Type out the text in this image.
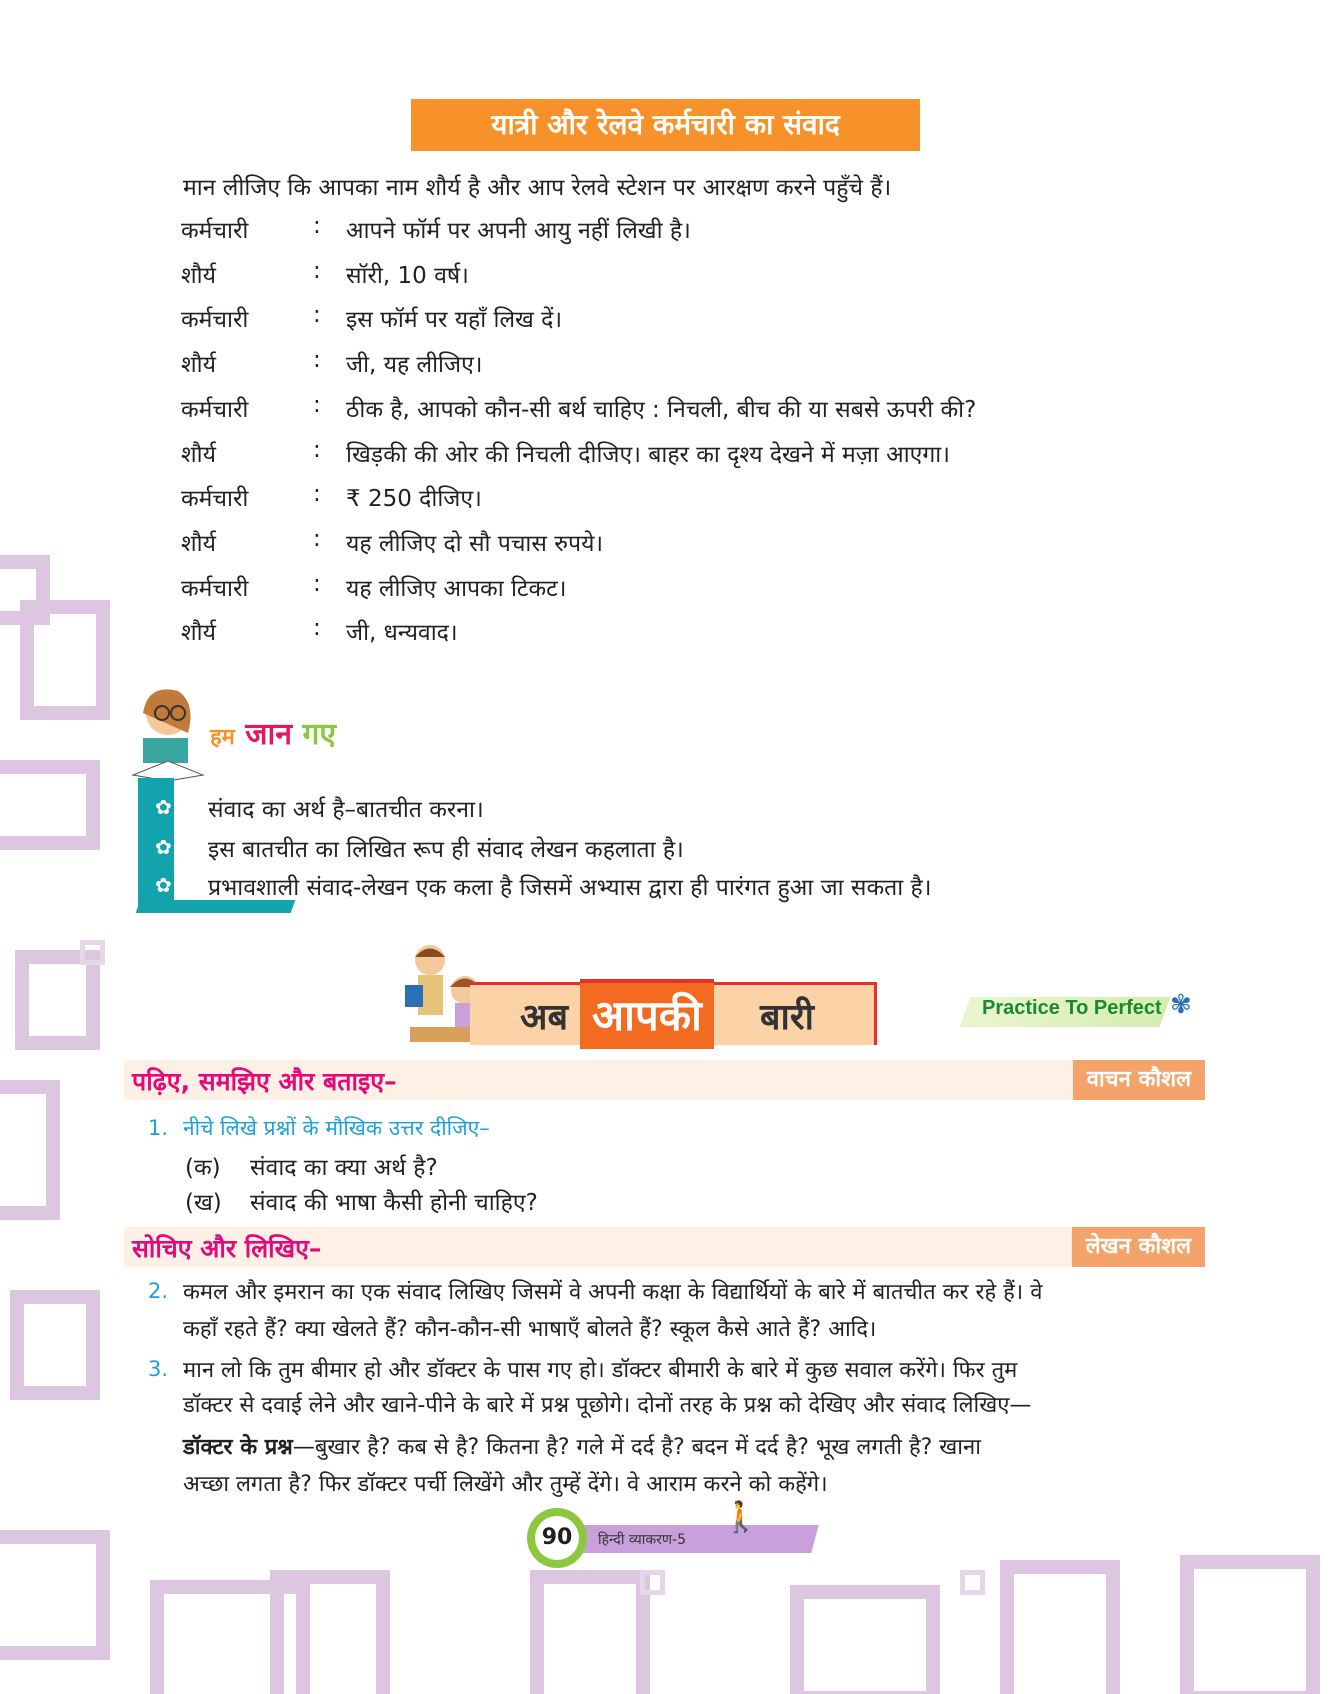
यात्री और रेलवे कर्मचारी का संवाद
मान लीजिए कि आपका नाम शौर्य है और आप रेलवे स्टेशन पर आरक्षण करने पहुँचे हैं।
कर्मचारी	: आपने फॉर्म पर अपनी आयु नहीं लिखी है।
शौर्य	: सॉरी, 10 वर्ष।
कर्मचारी	: इस फॉर्म पर यहाँ लिख दें।
शौर्य	: जी, यह लीजिए।
कर्मचारी	: ठीक है, आपको कौन-सी बर्थ चाहिए : निचली, बीच की या सबसे ऊपरी की?
शौर्य	: खिड़की की ओर की निचली दीजिए। बाहर का दृश्य देखने में मज़ा आएगा।
कर्मचारी	: ₹ 250 दीजिए।
शौर्य	: यह लीजिए दो सौ पचास रुपये।
कर्मचारी	: यह लीजिए आपका टिकट।
शौर्य	: जी, धन्यवाद।
हम जान गए
✿
✿
✿
संवाद का अर्थ है–बातचीत करना।
इस बातचीत का लिखित रूप ही संवाद लेखन कहलाता है।
प्रभावशाली संवाद-लेखन एक कला है जिसमें अभ्यास द्वारा ही पारंगत हुआ जा सकता है।
अब आपकी	बारी	Practice To Perfect ✾
पढ़िए, समझिए और बताइए–	वाचन कौशल
1. नीचे लिखे प्रश्नों के मौखिक उत्तर दीजिए–
(क) संवाद का क्या अर्थ है?
(ख) संवाद की भाषा कैसी होनी चाहिए?
सोचिए और लिखिए–	लेखन कौशल
2. कमल और इमरान का एक संवाद लिखिए जिसमें वे अपनी कक्षा के विद्यार्थियों के बारे में बातचीत कर रहे हैं। वे
कहाँ रहते हैं? क्या खेलते हैं? कौन-कौन-सी भाषाएँ बोलते हैं? स्कूल कैसे आते हैं? आदि।
3. मान लो कि तुम बीमार हो और डॉक्टर के पास गए हो। डॉक्टर बीमारी के बारे में कुछ सवाल करेंगे। फिर तुम
डॉक्टर से दवाई लेने और खाने-पीने के बारे में प्रश्न पूछोगे। दोनों तरह के प्रश्न को देखिए और संवाद लिखिए—
डॉक्टर के प्रश्न—बुखार है? कब से है? कितना है? गले में दर्द है? बदन में दर्द है? भूख लगती है? खाना
अच्छा लगता है? फिर डॉक्टर पर्ची लिखेंगे और तुम्हें देंगे। वे आराम करने को कहेंगे।
90	हिन्दी व्याकरण-5
🚶
